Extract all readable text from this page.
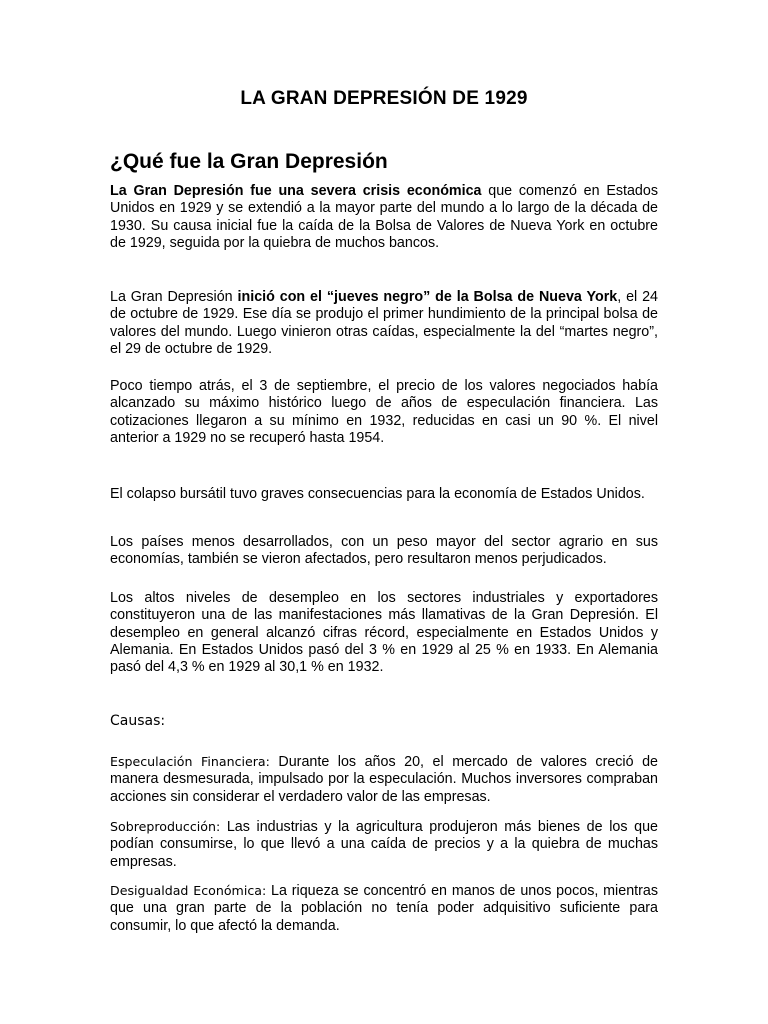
LA GRAN DEPRESIÓN DE 1929
¿Qué fue la Gran Depresión

La Gran Depresión fue una severa crisis económica que comenzó en Estados Unidos en 1929 y se extendió a la mayor parte del mundo a lo largo de la década de 1930. Su causa inicial fue la caída de la Bolsa de Valores de Nueva York en octubre de 1929, seguida por la quiebra de muchos bancos.

La Gran Depresión inició con el “jueves negro” de la Bolsa de Nueva York, el 24 de octubre de 1929. Ese día se produjo el primer hundimiento de la principal bolsa de valores del mundo. Luego vinieron otras caídas, especialmente la del “martes negro”, el 29 de octubre de 1929.

Poco tiempo atrás, el 3 de septiembre, el precio de los valores negociados había alcanzado su máximo histórico luego de años de especulación financiera. Las cotizaciones llegaron a su mínimo en 1932, reducidas en casi un 90 %. El nivel anterior a 1929 no se recuperó hasta 1954.

El colapso bursátil tuvo graves consecuencias para la economía de Estados Unidos.

Los países menos desarrollados, con un peso mayor del sector agrario en sus economías, también se vieron afectados, pero resultaron menos perjudicados.

Los altos niveles de desempleo en los sectores industriales y exportadores constituyeron una de las manifestaciones más llamativas de la Gran Depresión. El desempleo en general alcanzó cifras récord, especialmente en Estados Unidos y Alemania. En Estados Unidos pasó del 3 % en 1929 al 25 % en 1933. En Alemania pasó del 4,3 % en 1929 al 30,1 % en 1932.

Causas:

Especulación Financiera: Durante los años 20, el mercado de valores creció de manera desmesurada, impulsado por la especulación. Muchos inversores compraban acciones sin considerar el verdadero valor de las empresas.

Sobreproducción: Las industrias y la agricultura produjeron más bienes de los que podían consumirse, lo que llevó a una caída de precios y a la quiebra de muchas empresas.

Desigualdad Económica: La riqueza se concentró en manos de unos pocos, mientras que una gran parte de la población no tenía poder adquisitivo suficiente para consumir, lo que afectó la demanda.
